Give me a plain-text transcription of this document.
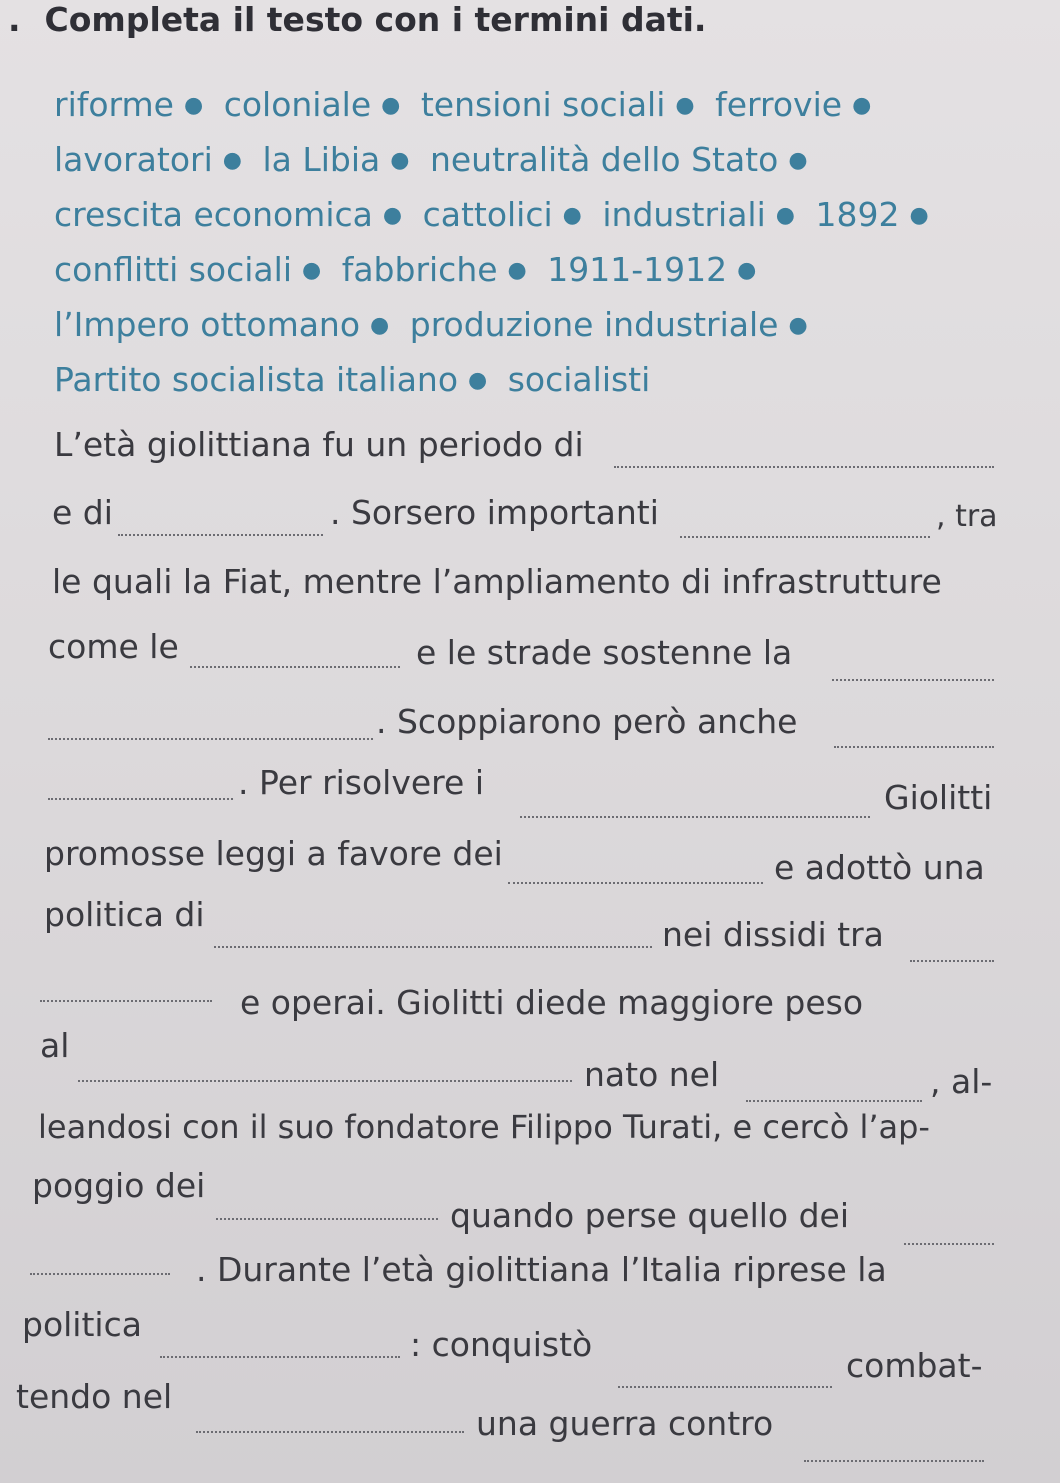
. Completa il testo con i termini dati.
riforme ● coloniale ● tensioni sociali ● ferrovie ● lavoratori ● la Libia ● neutralità dello Stato ● crescita economica ● cattolici ● industriali ● 1892 ● conflitti sociali ● fabbriche ● 1911-1912 ● l’Impero ottomano ● produzione industriale ● Partito socialista italiano ● socialisti
L’età giolittiana fu un periodo di
e di	. Sorsero importanti	, tra
le quali la Fiat, mentre l’ampliamento di infrastrutture
come le	e le strade sostenne la
. Scoppiarono però anche
. Per risolvere i	Giolitti
promosse leggi a favore dei	e adottò una
politica di
nei dissidi tra
e operai. Giolitti diede maggiore peso
al
nato nel	, al-
leandosi con il suo fondatore Filippo Turati, e cercò l’ap-
poggio dei
quando perse quello dei
. Durante l’età giolittiana l’Italia riprese la
politica
: conquistò
combat-
tendo nel
una guerra contro
